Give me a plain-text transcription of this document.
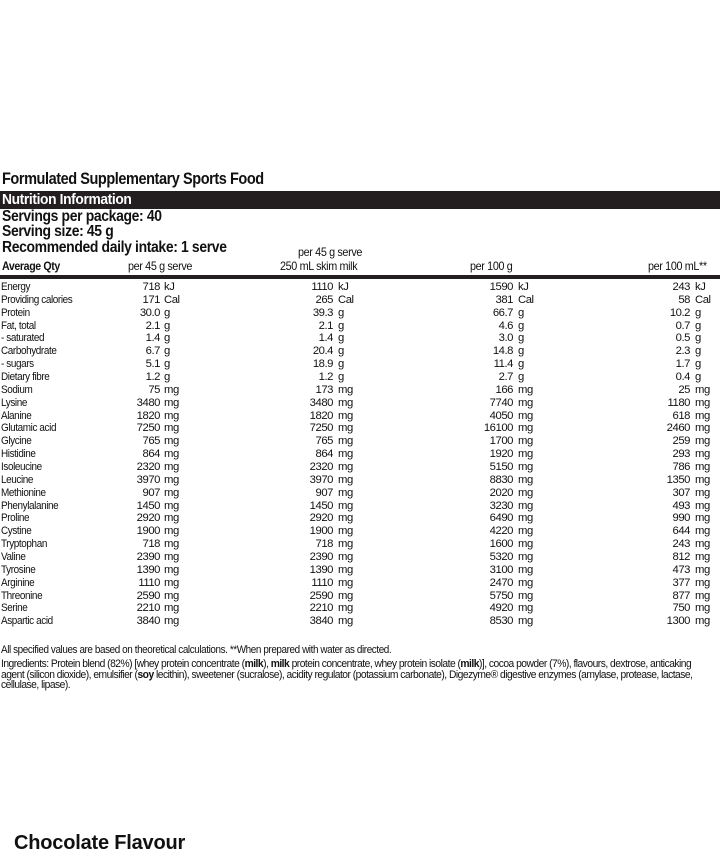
Formulated Supplementary Sports Food
Nutrition Information
Servings per package: 40
Serving size: 45 g
Recommended daily intake: 1 serve
Average Qty	per 45 g serve
per 45 g serve
250 mL skim milk	per 100 g	per 100 mL**
Energy	718 kJ	1110 kJ	1590 kJ	243 kJ
Providing calories	171 Cal	265 Cal	381 Cal	58 Cal
Protein	30.0 g	39.3 g	66.7 g	10.2 g
Fat, total	2.1 g	2.1 g	4.6 g	0.7 g
- saturated	1.4 g	1.4 g	3.0 g	0.5 g
Carbohydrate	6.7 g	20.4 g	14.8 g	2.3 g
- sugars	5.1 g	18.9 g	11.4 g	1.7 g
Dietary fibre	1.2 g	1.2 g	2.7 g	0.4 g
Sodium	75 mg	173 mg	166 mg	25 mg
Lysine	3480 mg	3480 mg	7740 mg	1180 mg
Alanine	1820 mg	1820 mg	4050 mg	618 mg
Glutamic acid	7250 mg	7250 mg	16100 mg	2460 mg
Glycine	765 mg	765 mg	1700 mg	259 mg
Histidine	864 mg	864 mg	1920 mg	293 mg
Isoleucine	2320 mg	2320 mg	5150 mg	786 mg
Leucine	3970 mg	3970 mg	8830 mg	1350 mg
Methionine	907 mg	907 mg	2020 mg	307 mg
Phenylalanine	1450 mg	1450 mg	3230 mg	493 mg
Proline	2920 mg	2920 mg	6490 mg	990 mg
Cystine	1900 mg	1900 mg	4220 mg	644 mg
Tryptophan	718 mg	718 mg	1600 mg	243 mg
Valine	2390 mg	2390 mg	5320 mg	812 mg
Tyrosine	1390 mg	1390 mg	3100 mg	473 mg
Arginine	1110 mg	1110 mg	2470 mg	377 mg
Threonine	2590 mg	2590 mg	5750 mg	877 mg
Serine	2210 mg	2210 mg	4920 mg	750 mg
Aspartic acid	3840 mg	3840 mg	8530 mg	1300 mg
All specified values are based on theoretical calculations. **When prepared with water as directed.
Ingredients: Protein blend (82%) [whey protein concentrate (milk), milk protein concentrate, whey protein isolate (milk)], cocoa powder (7%), flavours, dextrose, anticaking agent (silicon dioxide), emulsifier (soy lecithin), sweetener (sucralose), acidity regulator (potassium carbonate), Digezyme® digestive enzymes (amylase, protease, lactase, cellulase, lipase).
Chocolate Flavour
